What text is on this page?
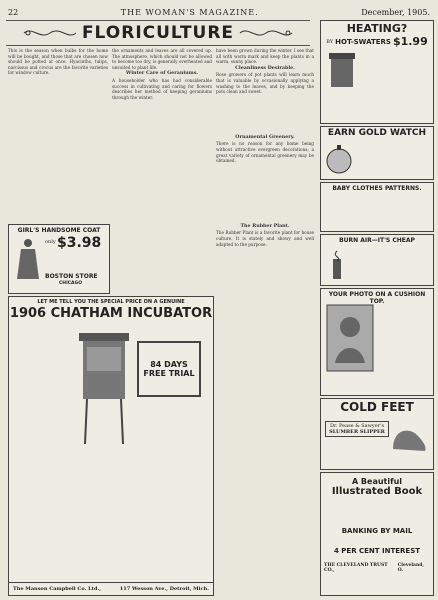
22	THE WOMAN'S MAGAZINE.	December, 1905.
FLORICULTURE

This is the season when bulbs for the home will be bought, and those that are chosen now should be potted at once. Hyacinths, tulips, narcissus and crocus are the favorite varieties for window culture.

the ornaments and leaves are all covered up. The atmosphere, which should not be allowed to become too dry, is generally overheated and unsuited to plant life.

Winter Care of Geraniums.

A householder who has had considerable success in cultivating and caring for flowers describes her method of keeping geraniums through the winter.

have been grown during the winter. I see that all with worm mark and keep the plants in a warm, sunny place.

Cleanliness Desirable.

Rose growers of pot plants will learn much that is valuable by occasionally applying a washing to the leaves, and by keeping the pots clean and sweet.

Ornamental Greenery.

There is no reason for any home being without attractive evergreen decorations; a great variety of ornamental greenery may be obtained.

The Rubber Plant.

The Rubber Plant is a favorite plant for house culture. It is stately and showy and well adapted to the purpose.

GIRL'S HANDSOME COAT
only $3.98
BOSTON STORE
CHICAGO
LET ME TELL YOU THE SPECIAL PRICE ON A GENUINE
1906 CHATHAM INCUBATOR
84 DAYS
FREE TRIAL
The Manson Campbell Co. Ltd.,	117 Wesson Ave., Detroit, Mich.
HEATING?
BY HOT-SWATERS $1.99
EARN GOLD WATCH
BABY CLOTHES PATTERNS.
BURN AIR—IT'S CHEAP
YOUR PHOTO ON A CUSHION TOP.
COLD FEET
Dr. Pease & Sawyer's
SLUMBER SLIPPER
A Beautiful
Illustrated Book
BANKING BY MAIL
4 PER CENT INTEREST
THE CLEVELAND TRUST CO.,
Cleveland, O.
